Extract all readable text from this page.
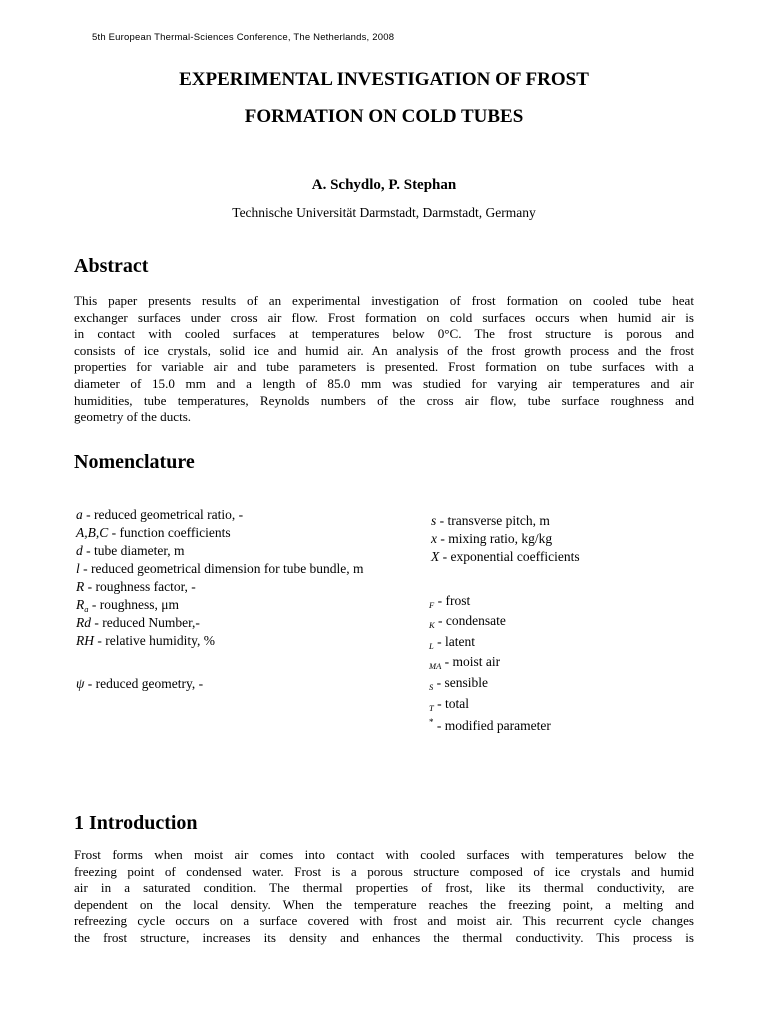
5th European Thermal-Sciences Conference, The Netherlands, 2008
EXPERIMENTAL INVESTIGATION OF FROST
FORMATION ON COLD TUBES
A. Schydlo, P. Stephan
Technische Universität Darmstadt, Darmstadt, Germany
Abstract
This paper presents results of an experimental investigation of frost formation on cooled tube heat
exchanger surfaces under cross air flow. Frost formation on cold surfaces occurs when humid air is
in contact with cooled surfaces at temperatures below 0°C. The frost structure is porous and
consists of ice crystals, solid ice and humid air. An analysis of the frost growth process and the frost
properties for variable air and tube parameters is presented. Frost formation on tube surfaces with a
diameter of 15.0 mm and a length of 85.0 mm was studied for varying air temperatures and air
humidities, tube temperatures, Reynolds numbers of the cross air flow, tube surface roughness and
geometry of the ducts.
Nomenclature
a - reduced geometrical ratio, -
A,B,C - function coefficients
d - tube diameter, m
l - reduced geometrical dimension for tube bundle, m
R - roughness factor, -
$R_a$ - roughness, μm
Rd - reduced Number,-
RH - relative humidity, %
ψ - reduced geometry, -
s - transverse pitch, m
x - mixing ratio, kg/kg
X - exponential coefficients
$_F$ - frost
$_K$ - condensate
$_L$ - latent
$_{MA}$ - moist air
$_S$ - sensible
$_T$ - total
* - modified parameter
1 Introduction
Frost forms when moist air comes into contact with cooled surfaces with temperatures below the
freezing point of condensed water. Frost is a porous structure composed of ice crystals and humid
air in a saturated condition. The thermal properties of frost, like its thermal conductivity, are
dependent on the local density. When the temperature reaches the freezing point, a melting and
refreezing cycle occurs on a surface covered with frost and moist air. This recurrent cycle changes
the frost structure, increases its density and enhances the thermal conductivity. This process is
